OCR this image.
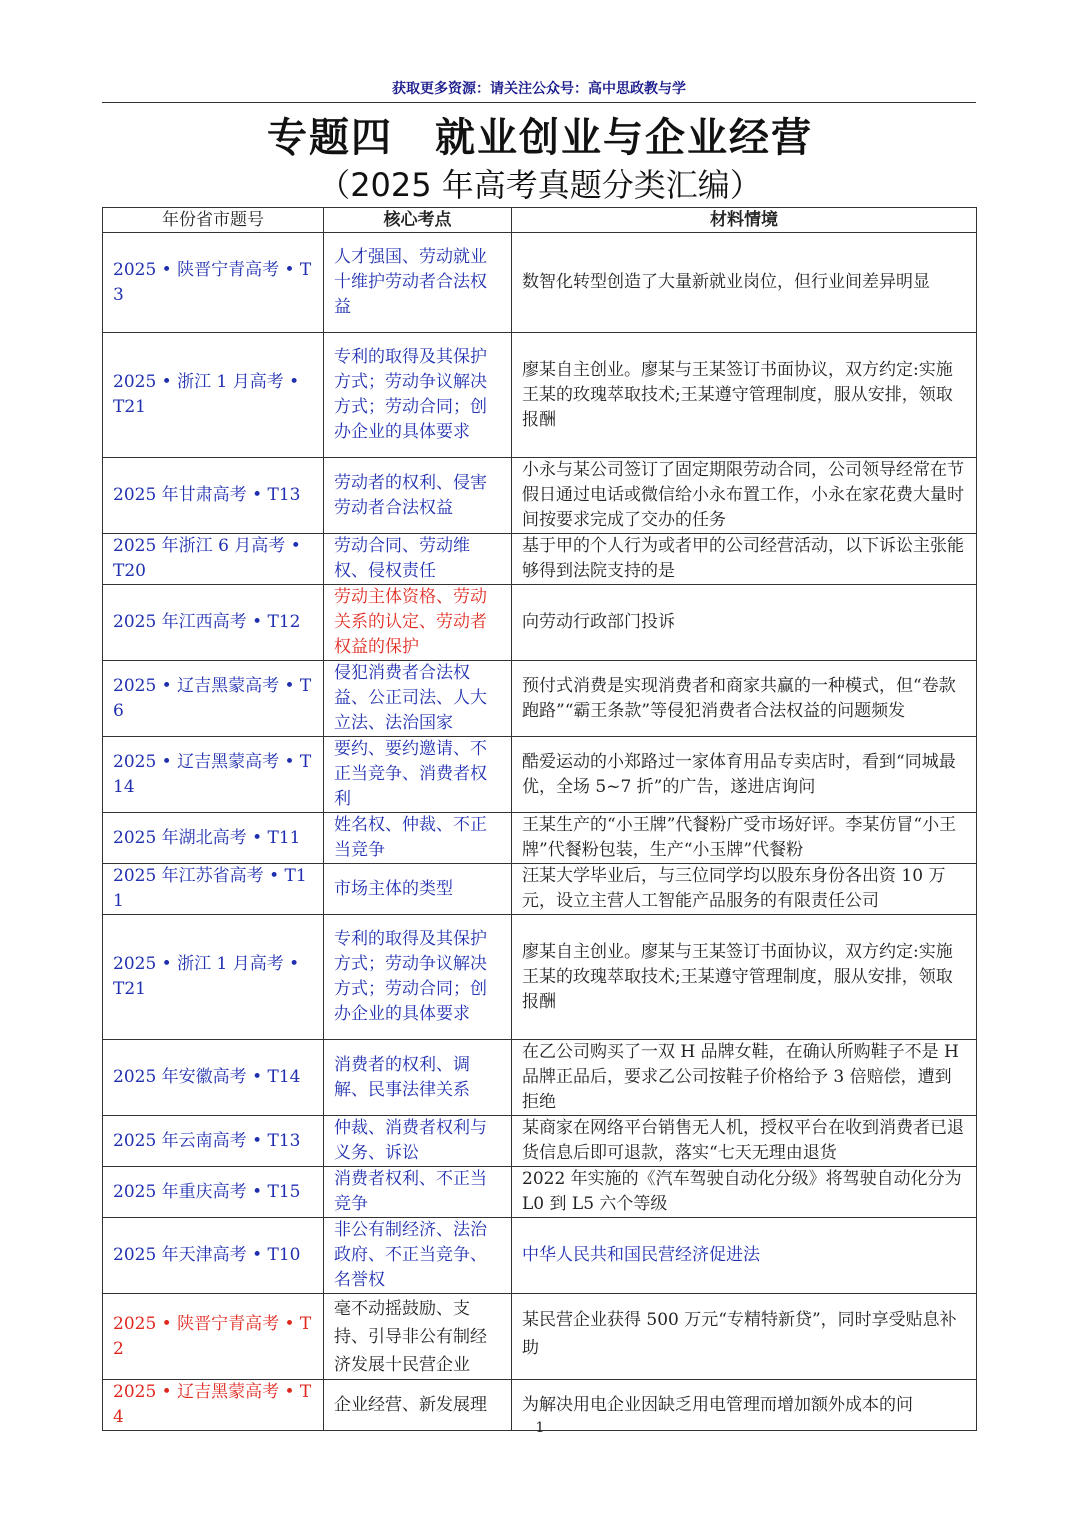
获取更多资源：请关注公众号：高中思政教与学
专题四　就业创业与企业经营
（2025 年高考真题分类汇编）
年份省市题号	核心考点	材料情境
2025 • 陕晋宁青高考 • T3	人才强国、劳动就业十维护劳动者合法权益	数智化转型创造了大量新就业岗位，但行业间差异明显
2025 • 浙江 1 月高考 • T21	专利的取得及其保护方式；劳动争议解决方式；劳动合同；创办企业的具体要求	廖某自主创业。廖某与王某签订书面协议，双方约定:实施王某的玫瑰萃取技术;王某遵守管理制度，服从安排，领取报酬
2025 年甘肃高考 • T13	劳动者的权利、侵害劳动者合法权益	小永与某公司签订了固定期限劳动合同，公司领导经常在节假日通过电话或微信给小永布置工作，小永在家花费大量时间按要求完成了交办的任务
2025 年浙江 6 月高考 • T20	劳动合同、劳动维权、侵权责任	基于甲的个人行为或者甲的公司经营活动，以下诉讼主张能够得到法院支持的是
2025 年江西高考 • T12	劳动主体资格、劳动关系的认定、劳动者权益的保护	向劳动行政部门投诉
2025 • 辽吉黑蒙高考 • T6	侵犯消费者合法权益、公正司法、人大立法、法治国家	预付式消费是实现消费者和商家共赢的一种模式，但“卷款跑路”“霸王条款”等侵犯消费者合法权益的问题频发
2025 • 辽吉黑蒙高考 • T14	要约、要约邀请、不正当竞争、消费者权利	酷爱运动的小郑路过一家体育用品专卖店时，看到“同城最优，全场 5~7 折”的广告，遂进店询问
2025 年湖北高考 • T11	姓名权、仲裁、不正当竞争	王某生产的“小王牌”代餐粉广受市场好评。李某仿冒“小王牌”代餐粉包装，生产“小玉牌”代餐粉
2025 年江苏省高考 • T11	市场主体的类型	汪某大学毕业后，与三位同学均以股东身份各出资 10 万元，设立主营人工智能产品服务的有限责任公司
2025 • 浙江 1 月高考 • T21	专利的取得及其保护方式；劳动争议解决方式；劳动合同；创办企业的具体要求	廖某自主创业。廖某与王某签订书面协议，双方约定:实施王某的玫瑰萃取技术;王某遵守管理制度，服从安排，领取报酬
2025 年安徽高考 • T14	消费者的权利、调解、民事法律关系	在乙公司购买了一双 H 品牌女鞋，在确认所购鞋子不是 H 品牌正品后，要求乙公司按鞋子价格给予 3 倍赔偿，遭到拒绝
2025 年云南高考 • T13	仲裁、消费者权利与义务、诉讼	某商家在网络平台销售无人机，授权平台在收到消费者已退货信息后即可退款，落实“七天无理由退货
2025 年重庆高考 • T15	消费者权利、不正当竞争	2022 年实施的《汽车驾驶自动化分级》将驾驶自动化分为 L0 到 L5 六个等级
2025 年天津高考 • T10	非公有制经济、法治政府、不正当竞争、名誉权	中华人民共和国民营经济促进法
2025 • 陕晋宁青高考 • T2	毫不动摇鼓励、支持、引导非公有制经济发展十民营企业	某民营企业获得 500 万元“专精特新贷”，同时享受贴息补助
2025 • 辽吉黑蒙高考 • T4	企业经营、新发展理	为解决用电企业因缺乏用电管理而增加额外成本的问
1
